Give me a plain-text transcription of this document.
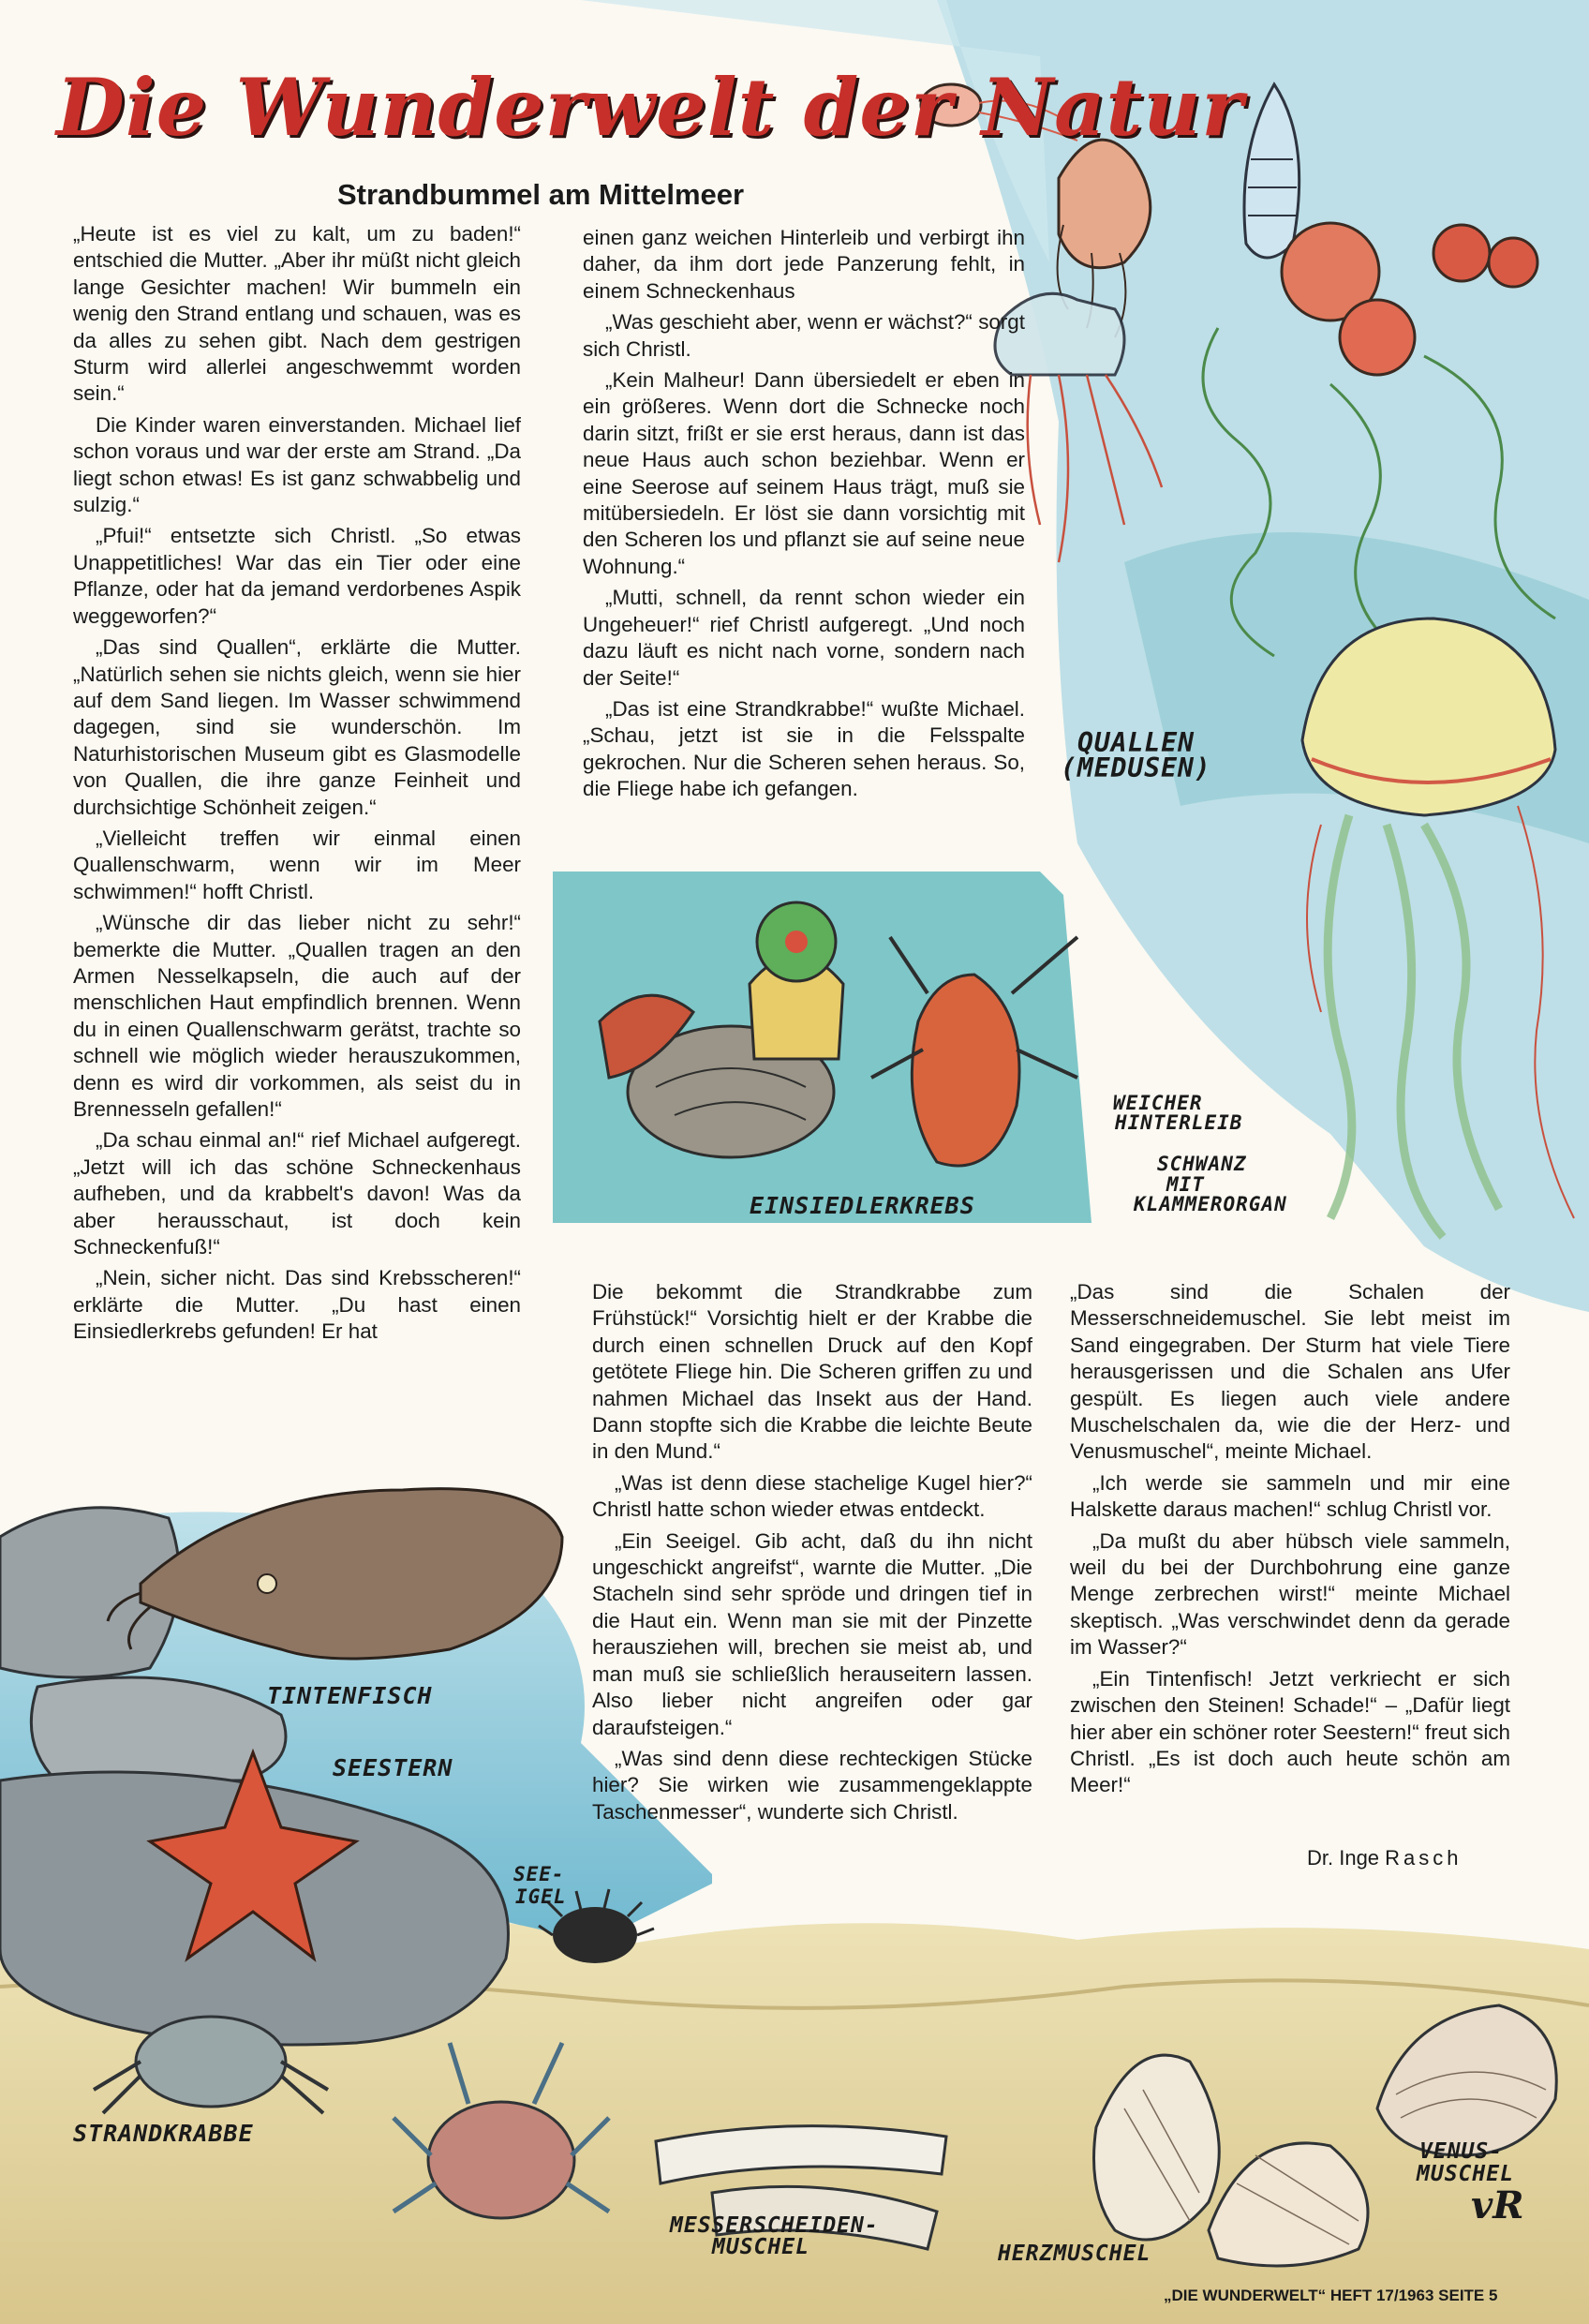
Die Wunderwelt der Natur
Strandbummel am Mittelmeer

„Heute ist es viel zu kalt, um zu baden!“ entschied die Mutter. „Aber ihr müßt nicht gleich lange Gesichter machen! Wir bummeln ein wenig den Strand entlang und schauen, was es da alles zu sehen gibt. Nach dem gestrigen Sturm wird allerlei angeschwemmt worden sein.“

Die Kinder waren einverstanden. Michael lief schon voraus und war der erste am Strand. „Da liegt schon etwas! Es ist ganz schwabbelig und sulzig.“

„Pfui!“ entsetzte sich Christl. „So etwas Unappetitliches! War das ein Tier oder eine Pflanze, oder hat da jemand verdorbenes Aspik weggeworfen?“

„Das sind Quallen“, erklärte die Mutter. „Natürlich sehen sie nichts gleich, wenn sie hier auf dem Sand liegen. Im Wasser schwimmend dagegen, sind sie wunderschön. Im Naturhistorischen Museum gibt es Glasmodelle von Quallen, die ihre ganze Feinheit und durchsichtige Schönheit zeigen.“

„Vielleicht treffen wir einmal einen Quallenschwarm, wenn wir im Meer schwimmen!“ hofft Christl.

„Wünsche dir das lieber nicht zu sehr!“ bemerkte die Mutter. „Quallen tragen an den Armen Nesselkapseln, die auch auf der menschlichen Haut empfindlich brennen. Wenn du in einen Quallenschwarm gerätst, trachte so schnell wie möglich wieder herauszukommen, denn es wird dir vorkommen, als seist du in Brennesseln gefallen!“

„Da schau einmal an!“ rief Michael aufgeregt. „Jetzt will ich das schöne Schneckenhaus aufheben, und da krabbelt's davon! Was da aber herausschaut, ist doch kein Schneckenfuß!“

„Nein, sicher nicht. Das sind Krebsscheren!“ erklärte die Mutter. „Du hast einen Einsiedlerkrebs gefunden! Er hat

einen ganz weichen Hinterleib und verbirgt ihn daher, da ihm dort jede Panzerung fehlt, in einem Schneckenhaus

„Was geschieht aber, wenn er wächst?“ sorgt sich Christl.

„Kein Malheur! Dann übersiedelt er eben in ein größeres. Wenn dort die Schnecke noch darin sitzt, frißt er sie erst heraus, dann ist das neue Haus auch schon beziehbar. Wenn er eine Seerose auf seinem Haus trägt, muß sie mitübersiedeln. Er löst sie dann vorsichtig mit den Scheren los und pflanzt sie auf seine neue Wohnung.“

„Mutti, schnell, da rennt schon wieder ein Ungeheuer!“ rief Christl aufgeregt. „Und noch dazu läuft es nicht nach vorne, sondern nach der Seite!“

„Das ist eine Strandkrabbe!“ wußte Michael. „Schau, jetzt ist sie in die Felsspalte gekrochen. Nur die Scheren sehen heraus. So, die Fliege habe ich gefangen.

Die bekommt die Strandkrabbe zum Frühstück!“ Vorsichtig hielt er der Krabbe die durch einen schnellen Druck auf den Kopf getötete Fliege hin. Die Scheren griffen zu und nahmen Michael das Insekt aus der Hand. Dann stopfte sich die Krabbe die leichte Beute in den Mund.“

„Was ist denn diese stachelige Kugel hier?“ Christl hatte schon wieder etwas entdeckt.

„Ein Seeigel. Gib acht, daß du ihn nicht ungeschickt angreifst“, warnte die Mutter. „Die Stacheln sind sehr spröde und dringen tief in die Haut ein. Wenn man sie mit der Pinzette herausziehen will, brechen sie meist ab, und man muß sie schließlich herauseitern lassen. Also lieber nicht angreifen oder gar daraufsteigen.“

„Was sind denn diese rechteckigen Stücke hier? Sie wirken wie zusammengeklappte Taschenmesser“, wunderte sich Christl.

„Das sind die Schalen der Messerschneidemuschel. Sie lebt meist im Sand eingegraben. Der Sturm hat viele Tiere herausgerissen und die Schalen ans Ufer gespült. Es liegen auch viele andere Muschelschalen da, wie die der Herz- und Venusmuschel“, meinte Michael.

„Ich werde sie sammeln und mir eine Halskette daraus machen!“ schlug Christl vor.

„Da mußt du aber hübsch viele sammeln, weil du bei der Durchbohrung eine ganze Menge zerbrechen wirst!“ meinte Michael skeptisch. „Was verschwindet denn da gerade im Wasser?“

„Ein Tintenfisch! Jetzt verkriecht er sich zwischen den Steinen! Schade!“ – „Dafür liegt hier aber ein schöner roter Seestern!“ freut sich Christl. „Es ist doch auch heute schön am Meer!“

Dr. Inge Rasch
QUALLEN
(MEDUSEN)
EINSIEDLERKREBS
WEICHER
HINTERLEIB
SCHWANZ
MIT
KLAMMERORGAN
TINTENFISCH
SEESTERN
SEE-
IGEL
STRANDKRABBE
MESSERSCHEIDEN-
MUSCHEL	HERZMUSCHEL
VENUS-
MUSCHEL
vR
„DIE WUNDERWELT“ HEFT 17/1963 SEITE 5
